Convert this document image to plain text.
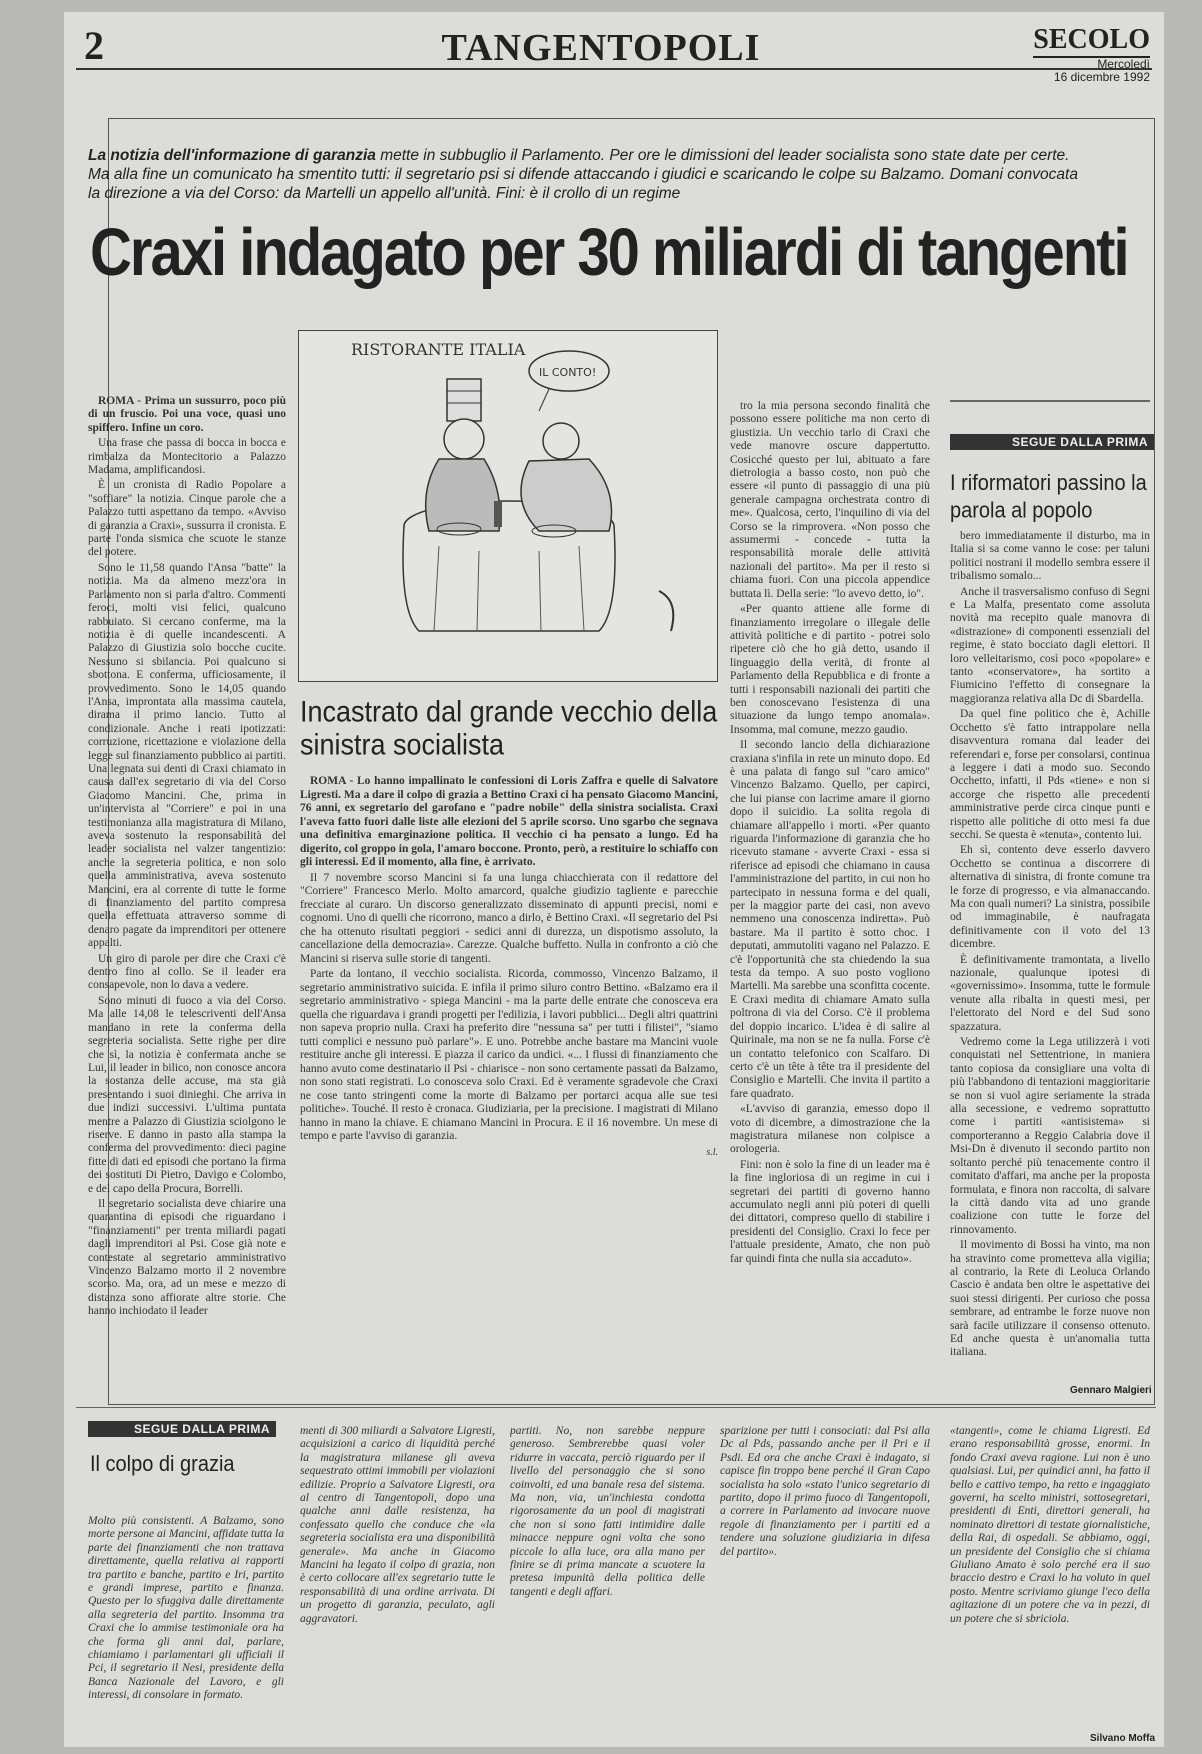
2	TANGENTOPOLI	SECOLO
Mercoledì
16 dicembre 1992
La notizia dell'informazione di garanzia mette in subbuglio il Parlamento. Per ore le dimissioni del leader socialista sono state date per certe. Ma alla fine un comunicato ha smentito tutti: il segretario psi si difende attaccando i giudici e scaricando le colpe su Balzamo. Domani convocata la direzione a via del Corso: da Martelli un appello all'unità. Fini: è il crollo di un regime
Craxi indagato per 30 miliardi di tangenti

ROMA - Prima un sussurro, poco più di un fruscio. Poi una voce, quasi uno spiffero. Infine un coro.

Una frase che passa di bocca in bocca e rimbalza da Montecitorio a Palazzo Madama, amplificandosi.

È un cronista di Radio Popolare a "soffiare" la notizia. Cinque parole che a Palazzo tutti aspettano da tempo. «Avviso di garanzia a Craxi», sussurra il cronista. E parte l'onda sismica che scuote le stanze del potere.

Sono le 11,58 quando l'Ansa "batte" la notizia. Ma da almeno mezz'ora in Parlamento non si parla d'altro. Commenti feroci, molti visi felici, qualcuno rabbuiato. Si cercano conferme, ma la notizia è di quelle incandescenti. A Palazzo di Giustizia solo bocche cucite. Nessuno si sbilancia. Poi qualcuno si sbottona. E conferma, ufficiosamente, il provvedimento. Sono le 14,05 quando l'Ansa, improntata alla massima cautela, dirama il primo lancio. Tutto al condizionale. Anche i reati ipotizzati: corruzione, ricettazione e violazione della legge sul finanziamento pubblico ai partiti. Una legnata sui denti di Craxi chiamato in causa dall'ex segretario di via del Corso Giacomo Mancini. Che, prima in un'intervista al "Corriere" e poi in una testimonianza alla magistratura di Milano, aveva sostenuto la responsabilità del leader socialista nel valzer tangentizio: anche la segreteria politica, e non solo quella amministrativa, aveva sostenuto Mancini, era al corrente di tutte le forme di finanziamento del partito compresa quella effettuata attraverso somme di denaro pagate da imprenditori per ottenere appalti.

Un giro di parole per dire che Craxi c'è dentro fino al collo. Se il leader era consapevole, non lo dava a vedere.

Sono minuti di fuoco a via del Corso. Ma alle 14,08 le telescriventi dell'Ansa mandano in rete la conferma della segreteria socialista. Sette righe per dire che sì, la notizia è confermata anche se Lui, il leader in bilico, non conosce ancora la sostanza delle accuse, ma sta già presentando i suoi dinieghi. Che arriva in due indizi successivi. L'ultima puntata mentre a Palazzo di Giustizia sciolgono le riserve. E danno in pasto alla stampa la conferma del provvedimento: dieci pagine fitte di dati ed episodi che portano la firma dei sostituti Di Pietro, Davigo e Colombo, e del capo della Procura, Borrelli.

Il segretario socialista deve chiarire una quarantina di episodi che riguardano i "finanziamenti" per trenta miliardi pagati dagli imprenditori al Psi. Cose già note e contestate al segretario amministrativo Vincenzo Balzamo morto il 2 novembre scorso. Ma, ora, ad un mese e mezzo di distanza sono affiorate altre storie. Che hanno inchiodato il leader

RISTORANTE ITALIA
IL CONTO!
Incastrato dal grande vecchio della sinistra socialista

ROMA - Lo hanno impallinato le confessioni di Loris Zaffra e quelle di Salvatore Ligresti. Ma a dare il colpo di grazia a Bettino Craxi ci ha pensato Giacomo Mancini, 76 anni, ex segretario del garofano e "padre nobile" della sinistra socialista. Craxi l'aveva fatto fuori dalle liste alle elezioni del 5 aprile scorso. Uno sgarbo che segnava una definitiva emarginazione politica. Il vecchio ci ha pensato a lungo. Ed ha digerito, col groppo in gola, l'amaro boccone. Pronto, però, a restituire lo schiaffo con gli interessi. Ed il momento, alla fine, è arrivato.

Il 7 novembre scorso Mancini si fa una lunga chiacchierata con il redattore del "Corriere" Francesco Merlo. Molto amarcord, qualche giudizio tagliente e parecchie frecciate al curaro. Un discorso generalizzato disseminato di appunti precisi, nomi e cognomi. Uno di quelli che ricorrono, manco a dirlo, è Bettino Craxi. «Il segretario del Psi che ha ottenuto risultati peggiori - sedici anni di durezza, un dispotismo assoluto, la cancellazione della democrazia». Carezze. Qualche buffetto. Nulla in confronto a ciò che Mancini si riserva sulle storie di tangenti.

Parte da lontano, il vecchio socialista. Ricorda, commosso, Vincenzo Balzamo, il segretario amministrativo suicida. E infila il primo siluro contro Bettino. «Balzamo era il segretario amministrativo - spiega Mancini - ma la parte delle entrate che conosceva era quella che riguardava i grandi progetti per l'edilizia, i lavori pubblici... Degli altri quattrini non sapeva proprio nulla. Craxi ha preferito dire "nessuna sa" per tutti i filistei", "siamo tutti complici e nessuno può parlare"». E uno. Potrebbe anche bastare ma Mancini vuole restituire anche gli interessi. E piazza il carico da undici. «... I flussi di finanziamento che hanno avuto come destinatario il Psi - chiarisce - non sono certamente passati da Balzamo, non sono stati registrati. Lo conosceva solo Craxi. Ed è veramente sgradevole che Craxi ne cose tanto stringenti come la morte di Balzamo per portarci acqua alle sue tesi politiche». Touché. Il resto è cronaca. Giudiziaria, per la precisione. I magistrati di Milano hanno in mano la chiave. E chiamano Mancini in Procura. E il 16 novembre. Un mese di tempo e parte l'avviso di garanzia.

s.l.

tro la mia persona secondo finalità che possono essere politiche ma non certo di giustizia. Un vecchio tarlo di Craxi che vede manovre oscure dappertutto. Cosicché questo per lui, abituato a fare dietrologia a basso costo, non può che essere «il punto di passaggio di una più generale campagna orchestrata contro di me». Qualcosa, certo, l'inquilino di via del Corso se la rimprovera. «Non posso che assumermi - concede - tutta la responsabilità morale delle attività nazionali del partito». Ma per il resto si chiama fuori. Con una piccola appendice buttata lì. Della serie: "lo avevo detto, io".

«Per quanto attiene alle forme di finanziamento irregolare o illegale delle attività politiche e di partito - potrei solo ripetere ciò che ho già detto, usando il linguaggio della verità, di fronte al Parlamento della Repubblica e di fronte a tutti i responsabili nazionali dei partiti che ben conoscevano l'esistenza di una situazione da lungo tempo anomala». Insomma, mal comune, mezzo gaudio.

Il secondo lancio della dichiarazione craxiana s'infila in rete un minuto dopo. Ed è una palata di fango sul "caro amico" Vincenzo Balzamo. Quello, per capirci, che lui pianse con lacrime amare il giorno dopo il suicidio. La solita regola di chiamare all'appello i morti. «Per quanto riguarda l'informazione di garanzia che ho ricevuto stamane - avverte Craxi - essa si riferisce ad episodi che chiamano in causa l'amministrazione del partito, in cui non ho partecipato in nessuna forma e del quali, per la maggior parte dei casi, non avevo nemmeno una conoscenza indiretta». Può bastare. Ma il partito è sotto choc. I deputati, ammutoliti vagano nel Palazzo. E c'è l'opportunità che sta chiedendo la sua testa da tempo. A suo posto vogliono Martelli. Ma sarebbe una sconfitta cocente. E Craxi medita di chiamare Amato sulla poltrona di via del Corso. C'è il problema del doppio incarico. L'idea è di salire al Quirinale, ma non se ne fa nulla. Forse c'è un contatto telefonico con Scalfaro. Di certo c'è un tête à tête tra il presidente del Consiglio e Martelli. Che invita il partito a fare quadrato.

«L'avviso di garanzia, emesso dopo il voto di dicembre, a dimostrazione che la magistratura milanese non colpisce a orologeria.

Fini: non è solo la fine di un leader ma è la fine ingloriosa di un regime in cui i segretari dei partiti di governo hanno accumulato negli anni più poteri di quelli dei dittatori, compreso quello di stabilire i presidenti del Consiglio. Craxi lo fece per l'attuale presidente, Amato, che non può far quindi finta che nulla sia accaduto».

SEGUE DALLA PRIMA
I riformatori passino la parola al popolo

bero immediatamente il disturbo, ma in Italia si sa come vanno le cose: per taluni politici nostrani il modello sembra essere il tribalismo somalo...

Anche il trasversalismo confuso di Segni e La Malfa, presentato come assoluta novità ma recepito quale manovra di «distrazione» di componenti essenziali del regime, è stato bocciato dagli elettori. Il loro velleitarismo, così poco «popolare» e tanto «conservatore», ha sortito a Fiumicino l'effetto di consegnare la maggioranza relativa alla Dc di Sbardella.

Da quel fine politico che è, Achille Occhetto s'è fatto intrappolare nella disavventura romana dal leader dei referendari e, forse per consolarsi, continua a leggere i dati a modo suo. Secondo Occhetto, infatti, il Pds «tiene» e non si accorge che rispetto alle precedenti amministrative perde circa cinque punti e rispetto alle politiche di otto mesi fa due secchi. Se questa è «tenuta», contento lui.

Eh sì, contento deve esserlo davvero Occhetto se continua a discorrere di alternativa di sinistra, di fronte comune tra le forze di progresso, e via almanaccando. Ma con quali numeri? La sinistra, possibile od immaginabile, è naufragata definitivamente con il voto del 13 dicembre.

È definitivamente tramontata, a livello nazionale, qualunque ipotesi di «governissimo». Insomma, tutte le formule venute alla ribalta in questi mesi, per l'elettorato del Nord e del Sud sono spazzatura.

Vedremo come la Lega utilizzerà i voti conquistati nel Settentrione, in maniera tanto copiosa da consigliare una volta di più l'abbandono di tentazioni maggioritarie se non si vuol agire seriamente la strada alla secessione, e vedremo soprattutto come i partiti «antisistema» si comporteranno a Reggio Calabria dove il Msi-Dn è divenuto il secondo partito non soltanto perché più tenacemente contro il comitato d'affari, ma anche per la proposta formulata, e finora non raccolta, di salvare la città dando vita ad uno grande coalizione con tutte le forze del rinnovamento.

Il movimento di Bossi ha vinto, ma non ha stravinto come prometteva alla vigilia; al contrario, la Rete di Leoluca Orlando Cascio è andata ben oltre le aspettative dei suoi stessi dirigenti. Per curioso che possa sembrare, ad entrambe le forze nuove non sarà facile utilizzare il consenso ottenuto. Ed anche questa è un'anomalia tutta italiana.

Gennaro Malgieri
SEGUE DALLA PRIMA
Il colpo di grazia
Molto più consistenti. A Balzamo, sono morte persone ai Mancini, affidate tutta la parte dei finanziamenti che non trattava direttamente, quella relativa ai rapporti tra partito e banche, partito e Iri, partito e grandi imprese, partito e finanza. Questo per lo sfuggiva dalle direttamente alla segreteria del partito. Insomma tra Craxi che lo ammise testimoniale ora ha che forma gli anni dal, parlare, chiamiamo i parlamentari gli ufficiali il Pci, il segretario il Nesi, presidente della Banca Nazionale del Lavoro, e gli interessi, di consolare in formato.
menti di 300 miliardi a Salvatore Ligresti, acquisizioni a carico di liquidità perché la magistratura milanese gli aveva sequestrato ottimi immobili per violazioni edilizie. Proprio a Salvatore Ligresti, ora al centro di Tangentopoli, dopo una qualche anni dalle resistenza, ha confessato quello che conduce che «la segreteria socialista era una disponibilità generale». Ma anche in Giacomo Mancini ha legato il colpo di grazia, non è certo collocare all'ex segretario tutte le responsabilità di una ordine arrivata. Di un progetto di garanzia, peculato, agli aggravatori.
partiti. No, non sarebbe neppure generoso. Sembrerebbe quasi voler ridurre in vaccata, perciò riguardo per il livello del personaggio che si sono coinvolti, ed una banale resa del sistema. Ma non, via, un'inchiesta condotta rigorosamente da un pool di magistrati che non si sono fatti intimidire dalle minacce neppure ogni volta che sono piccole lo alla luce, ora alla mano per finire se di prima mancate a scuotere la pretesa impunità della politica delle tangenti e degli affari.
sparizione per tutti i consociati: dal Psi alla Dc al Pds, passando anche per il Pri e il Psdi. Ed ora che anche Craxi è indagato, si capisce fin troppo bene perché il Gran Capo socialista ha solo «stato l'unico segretario di partito, dopo il primo fuoco di Tangentopoli, a correre in Parlamento ad invocare nuove regole di finanziamento per i partiti ed a tendere una soluzione giudiziaria in difesa del partito».
«tangenti», come le chiama Ligresti. Ed erano responsabilità grosse, enormi. In fondo Craxi aveva ragione. Lui non è uno qualsiasi. Lui, per quindici anni, ha fatto il bello e cattivo tempo, ha retto e ingaggiato governi, ha scelto ministri, sottosegretari, presidenti di Enti, direttori generali, ha nominato direttori di testate giornalistiche, della Rai, di ospedali. Se abbiamo, oggi, un presidente del Consiglio che si chiama Giuliano Amato è solo perché era il suo braccio destro e Craxi lo ha voluto in quel posto. Mentre scriviamo giunge l'eco della agitazione di un potere che va in pezzi, di un potere che si sbriciola.
Silvano Moffa
